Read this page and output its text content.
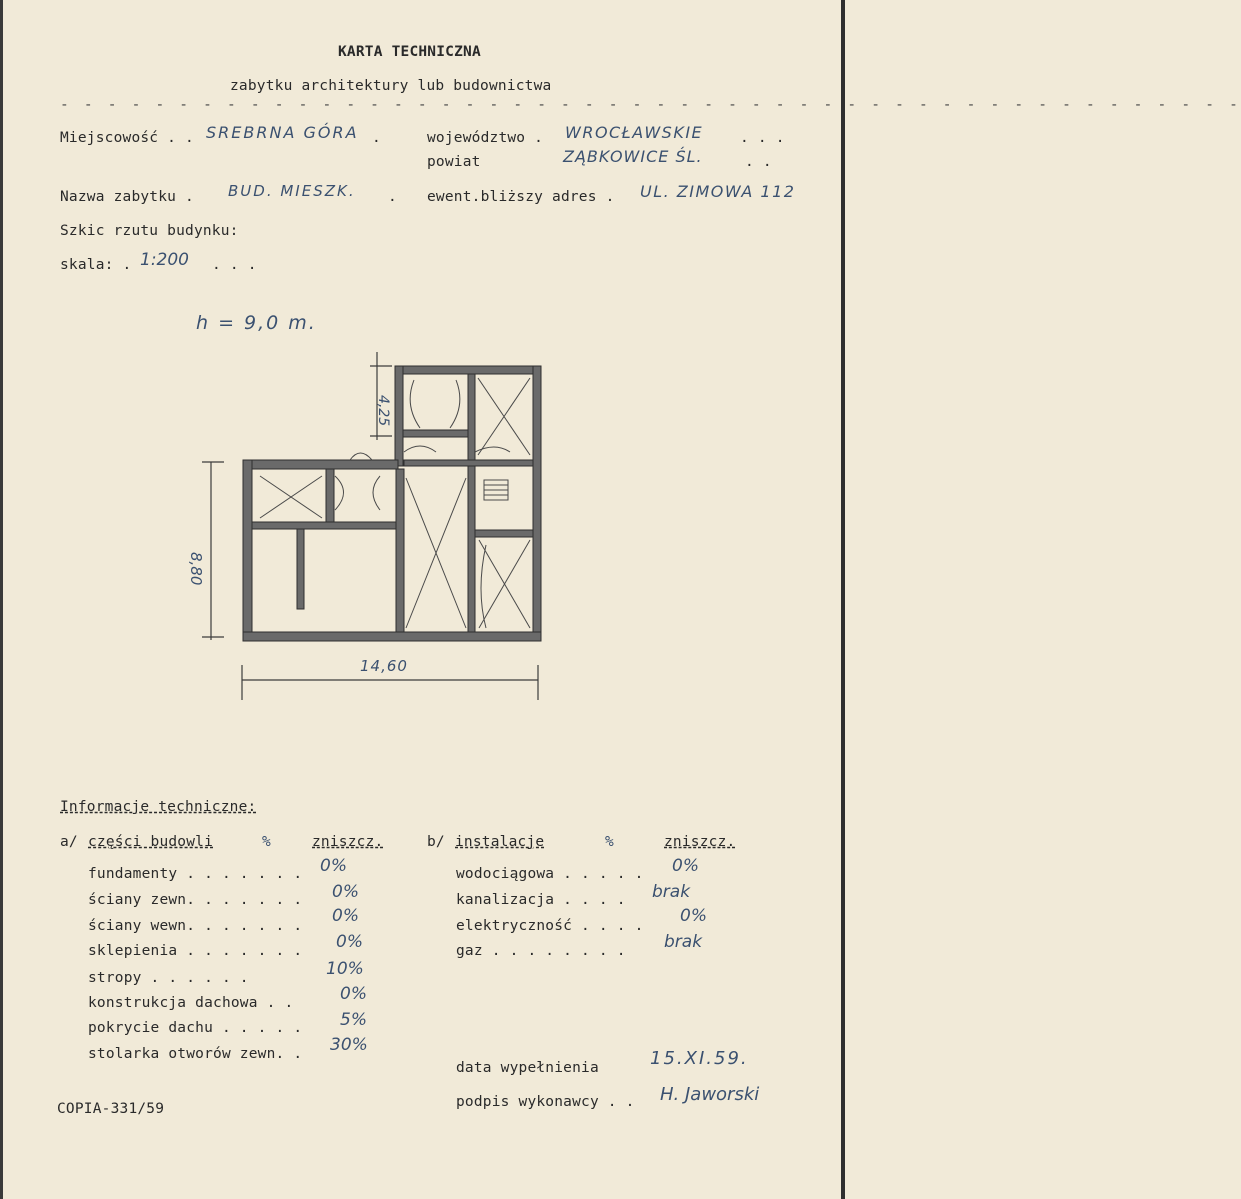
KARTA TECHNICZNA
zabytku architektury lub budownictwa
- - - - - - - - - - - - - - - - - - - - - - - - - - - - - - - - - - - - - - - - - - - - - - - - - -
Miejscowość . . SREBRNA GÓRA .	województwo . WROCŁAWSKIE	. . .
powiat	ZĄBKOWICE ŚL.	. .
Nazwa zabytku . BUD. MIESZK. . ewent.bliższy adres . UL. ZIMOWA 112
Szkic rzutu budynku:
skala: . 1:200 . . .
h = 9,0 m.
14,60
8,80
4,25
Informacje techniczne:
a/ części budowli	%	zniszcz.	b/ instalacje	%	zniszcz.
fundamenty . . . . . . . 0%
ściany zewn. . . . . . . 0%
ściany wewn. . . . . . . 0%
sklepienia . . . . . . . 0%
stropy . . . . . .	10%
konstrukcja dachowa . .	0%
pokrycie dachu . . . . . 5%
stolarka otworów zewn. . 30%
wodociągowa . . . . . 0%
kanalizacja . . . . brak
elektryczność . . . . 0%
gaz . . . . . . . . brak
data wypełnienia	15.XI.59.
podpis wykonawcy . . H. Jaworski
COPIA-331/59
